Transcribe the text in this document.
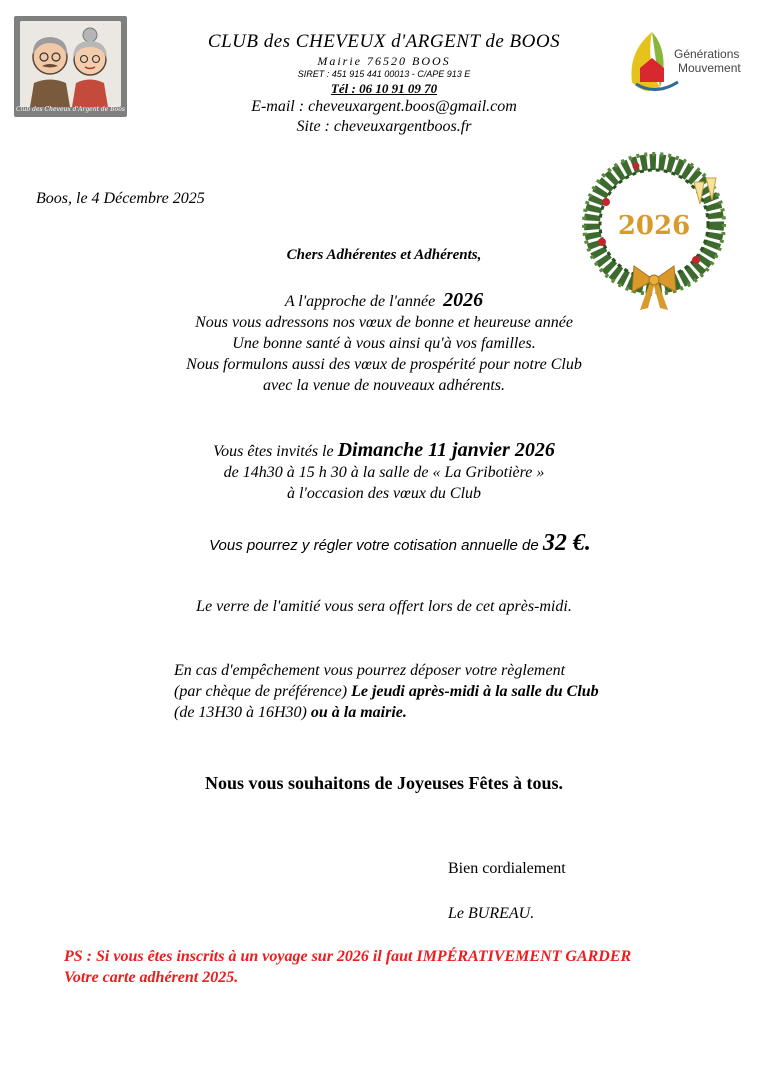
Club des Cheveux d'Argent de Boos
CLUB des CHEVEUX d'ARGENT de BOOS
Mairie 76520 BOOS
SIRET : 451 915 441 00013 - C/APE 913 E
Tél : 06 10 91 09 70
E-mail : cheveuxargent.boos@gmail.com
Site : cheveuxargentboos.fr
Générations
Mouvement
Boos, le 4 Décembre 2025
2026
Chers Adhérentes et Adhérents,
A l'approche de l'année 2026
Nous vous adressons nos vœux de bonne et heureuse année
Une bonne santé à vous ainsi qu'à vos familles.
Nous formulons aussi des vœux de prospérité pour notre Club
avec la venue de nouveaux adhérents.
Vous êtes invités le Dimanche 11 janvier 2026
de 14h30 à 15 h 30 à la salle de « La Gribotière »
à l'occasion des vœux du Club
Vous pourrez y régler votre cotisation annuelle de 32 €.
Le verre de l'amitié vous sera offert lors de cet après-midi.
En cas d'empêchement vous pourrez déposer votre règlement
(par chèque de préférence) Le jeudi après-midi à la salle du Club
(de 13H30 à 16H30) ou à la mairie.
Nous vous souhaitons de Joyeuses Fêtes à tous.
Bien cordialement
Le BUREAU.
PS : Si vous êtes inscrits à un voyage sur 2026 il faut IMPÉRATIVEMENT GARDER
Votre carte adhérent 2025.
